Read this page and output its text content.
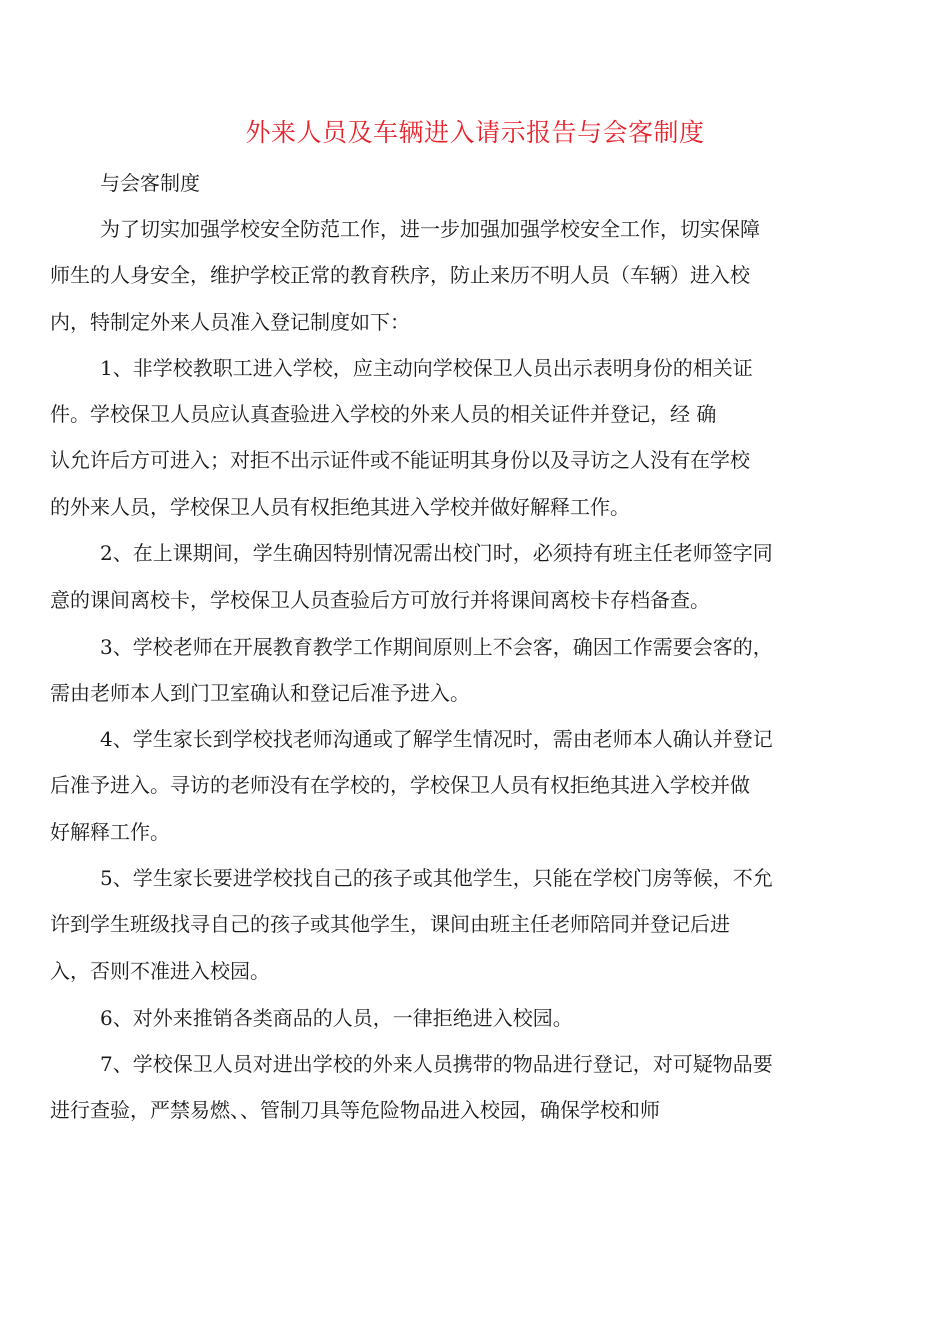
外来人员及车辆进入请示报告与会客制度
与会客制度
为了切实加强学校安全防范工作，进一步加强加强学校安全工作，切实保障
师生的人身安全，维护学校正常的教育秩序，防止来历不明人员（车辆）进入校
内，特制定外来人员准入登记制度如下：
1、非学校教职工进入学校，应主动向学校保卫人员出示表明身份的相关证
件。学校保卫人员应认真查验进入学校的外来人员的相关证件并登记，经 确
认允许后方可进入；对拒不出示证件或不能证明其身份以及寻访之人没有在学校
的外来人员，学校保卫人员有权拒绝其进入学校并做好解释工作。
2、在上课期间，学生确因特别情况需出校门时，必须持有班主任老师签字同
意的课间离校卡，学校保卫人员查验后方可放行并将课间离校卡存档备查。
3、学校老师在开展教育教学工作期间原则上不会客，确因工作需要会客的，
需由老师本人到门卫室确认和登记后准予进入。
4、学生家长到学校找老师沟通或了解学生情况时，需由老师本人确认并登记
后准予进入。寻访的老师没有在学校的，学校保卫人员有权拒绝其进入学校并做
好解释工作。
5、学生家长要进学校找自己的孩子或其他学生，只能在学校门房等候，不允
许到学生班级找寻自己的孩子或其他学生，课间由班主任老师陪同并登记后进
入，否则不准进入校园。
6、对外来推销各类商品的人员，一律拒绝进入校园。
7、学校保卫人员对进出学校的外来人员携带的物品进行登记，对可疑物品要
进行查验，严禁易燃、、管制刀具等危险物品进入校园，确保学校和师
